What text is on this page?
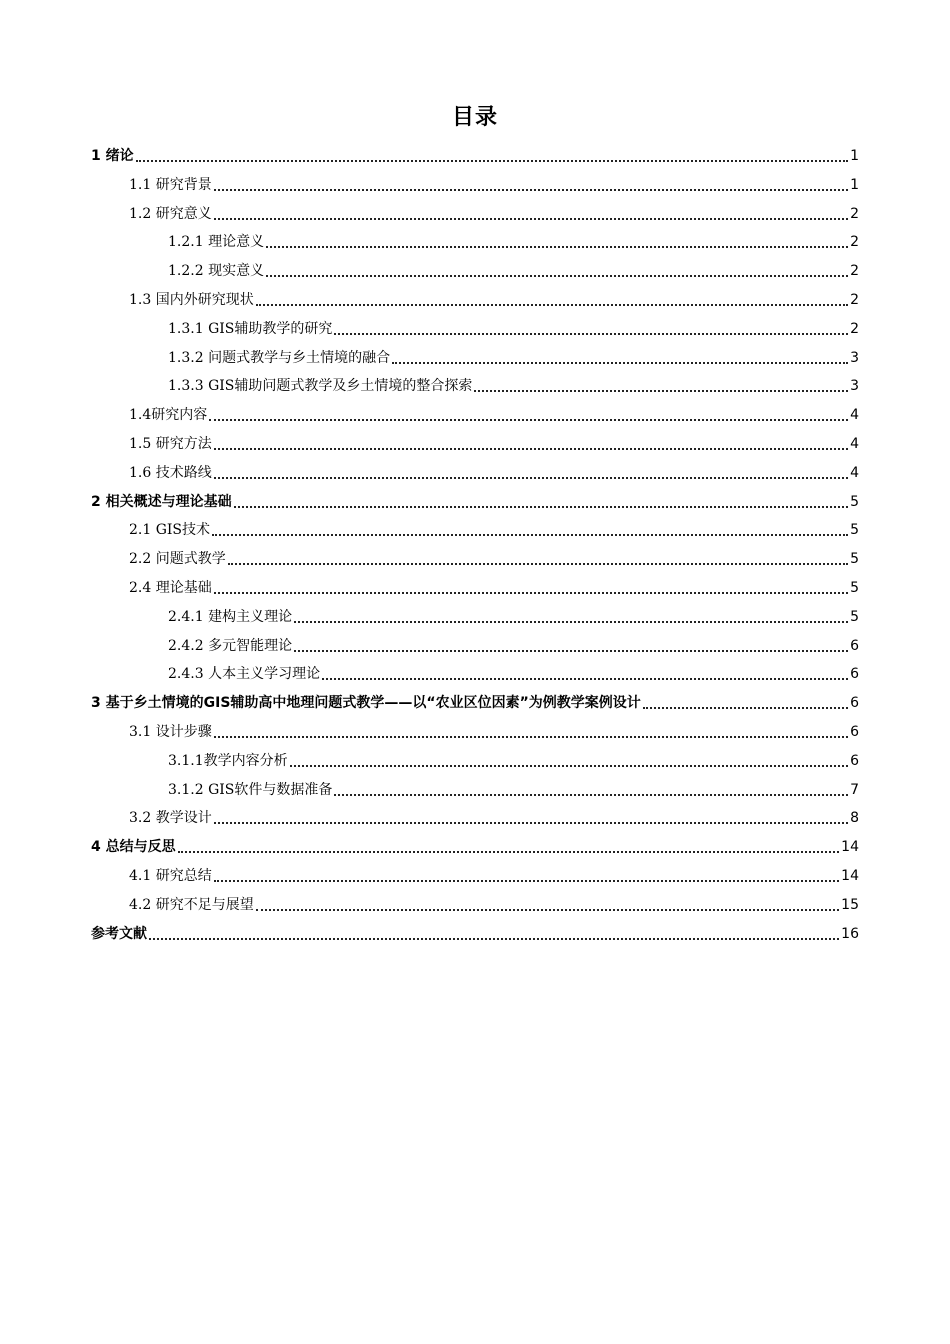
目录
1 绪论	1
1.1 研究背景	1
1.2 研究意义	2
1.2.1 理论意义	2
1.2.2 现实意义	2
1.3 国内外研究现状	2
1.3.1 GIS辅助教学的研究	2
1.3.2 问题式教学与乡土情境的融合	3
1.3.3 GIS辅助问题式教学及乡土情境的整合探索	3
1.4研究内容	4
1.5 研究方法	4
1.6 技术路线	4
2 相关概述与理论基础	5
2.1 GIS技术	5
2.2 问题式教学	5
2.4 理论基础	5
2.4.1 建构主义理论	5
2.4.2 多元智能理论	6
2.4.3 人本主义学习理论	6
3 基于乡土情境的GIS辅助高中地理问题式教学——以“农业区位因素”为例教学案例设计	6
3.1 设计步骤	6
3.1.1教学内容分析	6
3.1.2 GIS软件与数据准备	7
3.2 教学设计	8
4 总结与反思	14
4.1 研究总结	14
4.2 研究不足与展望	15
参考文献	16
